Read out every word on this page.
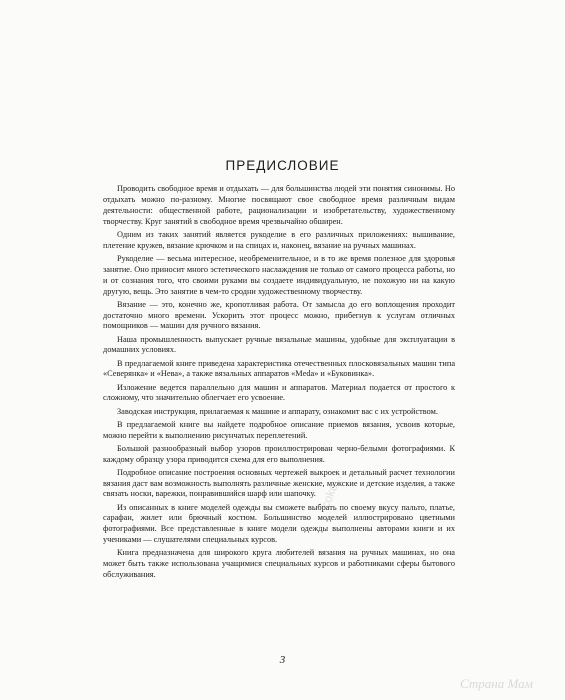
ПРЕДИСЛОВИЕ

Проводить свободное время и отдыхать — для большинства людей эти понятия синонимы. Но отдыхать можно по-разному. Многие посвящают свое свободное время различным видам деятельности: общественной работе, рационализации и изобретательству, художественному творчеству. Круг занятий в свободное время чрезвычайно обширен.

Одним из таких занятий является рукоделие в его различных приложениях: вышивание, плетение кружев, вязание крючком и на спицах и, наконец, вязание на ручных машинах.

Рукоделие — весьма интересное, необременительное, и в то же время полезное для здоровья занятие. Оно приносит много эстетического наслаждения не только от самого процесса работы, но и от сознания того, что своими руками вы создаете индивидуальную, не похожую ни на какую другую, вещь. Это занятие в чем-то сродни художественному творчеству.

Вязание — это, конечно же, кропотливая работа. От замысла до его воплощения проходит достаточно много времени. Ускорить этот процесс можно, прибегнув к услугам отличных помощников — машин для ручного вязания.

Наша промышленность выпускает ручные вязальные машины, удобные для эксплуатации в домашних условиях.

В предлагаемой книге приведена характеристика отечественных плосковязальных машин типа «Северянка» и «Нева», а также вязальных аппаратов «Meda» и «Буковинка».

Изложение ведется параллельно для машин и аппаратов. Материал подается от простого к сложному, что значительно облегчает его усвоение.

Заводская инструкция, прилагаемая к машине и аппарату, ознакомит вас с их устройством.

В предлагаемой книге вы найдете подробное описание приемов вязания, усвоив которые, можно перейти к выполнению рисунчатых переплетений.

Большой разнообразный выбор узоров проиллюстрирован черно-белыми фотографиями. К каждому образцу узора приводится схема для его выполнения.

Подробное описание построения основных чертежей выкроек и детальный расчет технологии вязания даст вам возможность выполнять различные женские, мужские и детские изделия, а также связать носки, варежки, понравившийся шарф или шапочку.

Из описанных в книге моделей одежды вы сможете выбрать по своему вкусу пальто, платье, сарафан, жилет или брючный костюм. Большинство моделей иллюстрировано цветными фотографиями. Все представленные в книге модели одежды выполнены авторами книги и их учениками — слушателями специальных курсов.

Книга предназначена для широкого круга любителей вязания на ручных машинах, но она может быть также использована учащимися специальных курсов и работниками сферы бытового обслуживания.

3
coko...
Страна Мам
